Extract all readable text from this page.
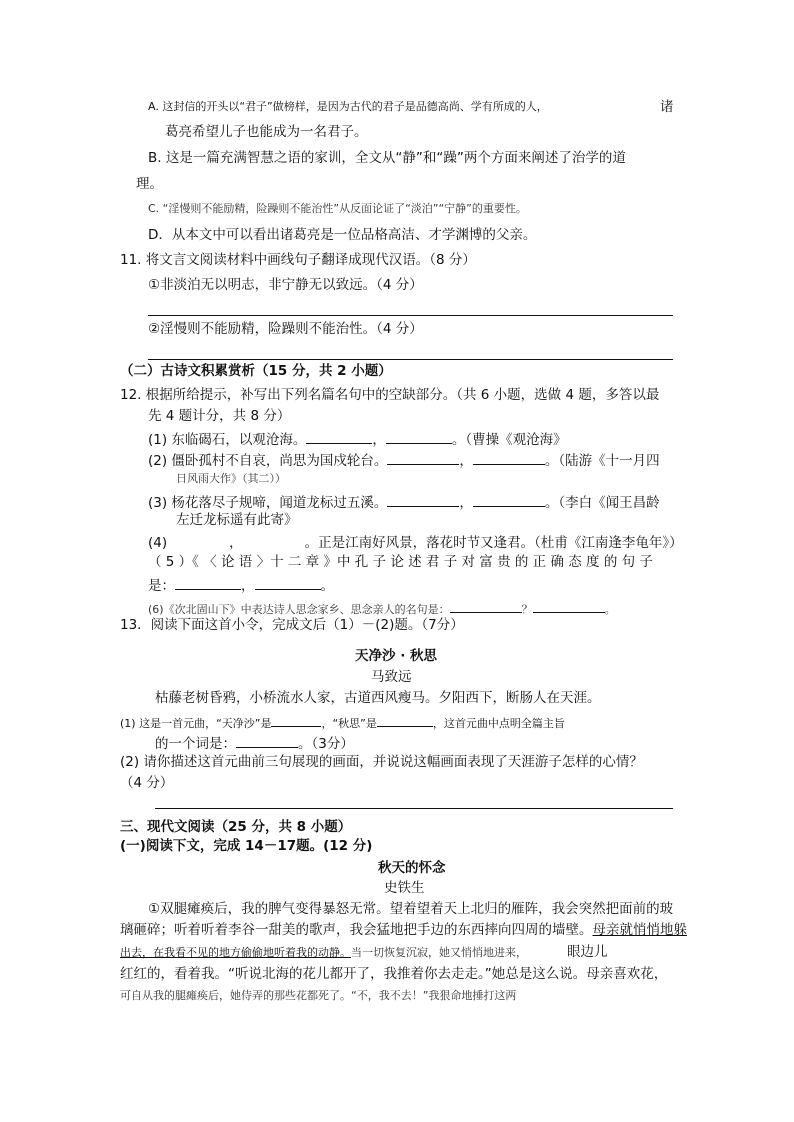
A. 这封信的开头以“君子”做榜样，是因为古代的君子是品德高尚、学有所成的人，	诸
葛亮希望儿子也能成为一名君子。
B. 这是一篇充满智慧之语的家训，全文从“静”和“躁”两个方面来阐述了治学的道
理。
C. “淫慢则不能励精，险躁则不能治性”从反面论证了“淡泊”“宁静”的重要性。
D．从本文中可以看出诸葛亮是一位品格高洁、才学渊博的父亲。
11. 将文言文阅读材料中画线句子翻译成现代汉语。（8 分）
①非淡泊无以明志，非宁静无以致远。（4 分）
②淫慢则不能励精，险躁则不能治性。（4 分）
（二）古诗文积累赏析（15 分，共 2 小题）
12. 根据所给提示，补写出下列名篇名句中的空缺部分。（共 6 小题，选做 4 题，多答以最
先 4 题计分，共 8 分）
(1) 东临碣石，以观沧海。	，	。（曹操《观沧海》
(2) 僵卧孤村不自哀，尚思为国戍轮台。	，	。（陆游《十一月四
日风雨大作》（其二））
(3) 杨花落尽子规啼，闻道龙标过五溪。	，	。（李白《闻王昌龄
左迁龙标遥有此寄》
(4)	，	。正是江南好风景，落花时节又逢君。（杜甫《江南逢李龟年》）
（ 5 ）《 〈 论 语 〉十 二 章 》中 孔 子 论 述 君 子 对 富 贵 的 正 确 态 度 的 句 子
是：	，	。
(6)《次北固山下》中表达诗人思念家乡、思念亲人的名句是：	？	。
13．阅读下面这首小令，完成文后（1）－(2)题。（7分）
天净沙 · 秋思
马致远
枯藤老树昏鸦，小桥流水人家，古道西风瘦马。夕阳西下，断肠人在天涯。
(1) 这是一首元曲，“天净沙”是	，“秋思”是	，这首元曲中点明全篇主旨
的一个词是：	。（3分）
(2) 请你描述这首元曲前三句展现的画面，并说说这幅画面表现了天涯游子怎样的心情？
（4 分）
三、现代文阅读（25 分，共 8 小题）
(一)阅读下文，完成 14－17题。(12 分)
秋天的怀念
史铁生
①双腿瘫痪后，我的脾气变得暴怒无常。望着望着天上北归的雁阵，我会突然把面前的玻
璃砸碎；听着听着李谷一甜美的歌声，我会猛地把手边的东西摔向四周的墙壁。母亲就悄悄地躲
出去，在我看不见的地方偷偷地听着我的动静。当一切恢复沉寂，她又悄悄地进来，	眼边儿
红红的，看着我。“听说北海的花儿都开了，我推着你去走走。”她总是这么说。母亲喜欢花，
可自从我的腿瘫痪后，她侍弄的那些花都死了。“不，我不去！”我狠命地捶打这两
